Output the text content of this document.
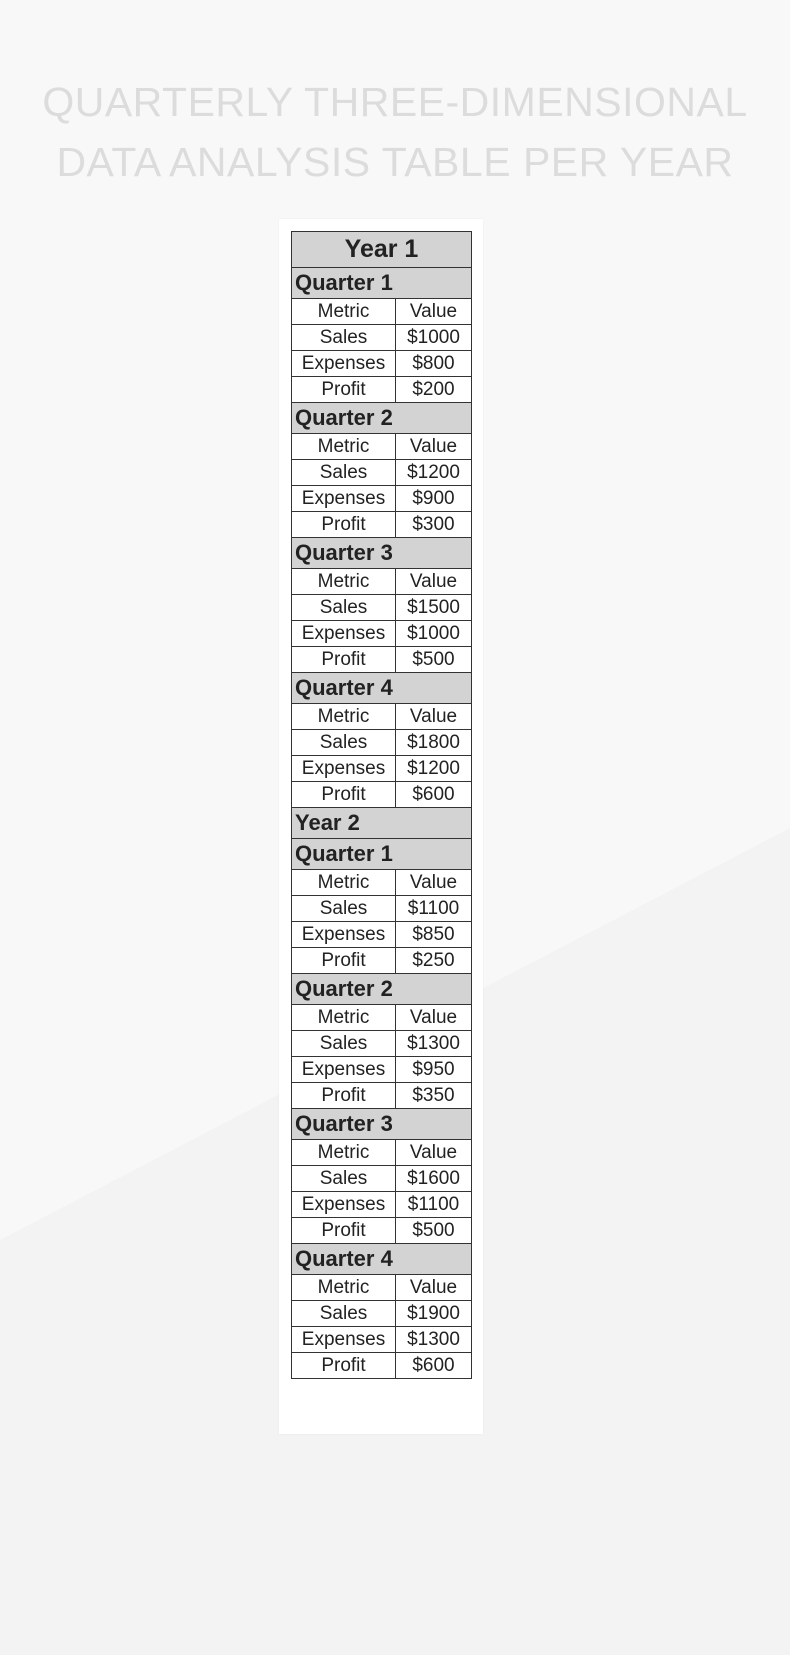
QUARTERLY THREE-DIMENSIONAL
DATA ANALYSIS TABLE PER YEAR
Year 1	
Quarter 1	
Metric	Value
Sales	$1000
Expenses	$800
Profit	$200
Quarter 2	
Metric	Value
Sales	$1200
Expenses	$900
Profit	$300
Quarter 3	
Metric	Value
Sales	$1500
Expenses	$1000
Profit	$500
Quarter 4	
Metric	Value
Sales	$1800
Expenses	$1200
Profit	$600
Year 2	
Quarter 1	
Metric	Value
Sales	$1100
Expenses	$850
Profit	$250
Quarter 2	
Metric	Value
Sales	$1300
Expenses	$950
Profit	$350
Quarter 3	
Metric	Value
Sales	$1600
Expenses	$1100
Profit	$500
Quarter 4	
Metric	Value
Sales	$1900
Expenses	$1300
Profit	$600
